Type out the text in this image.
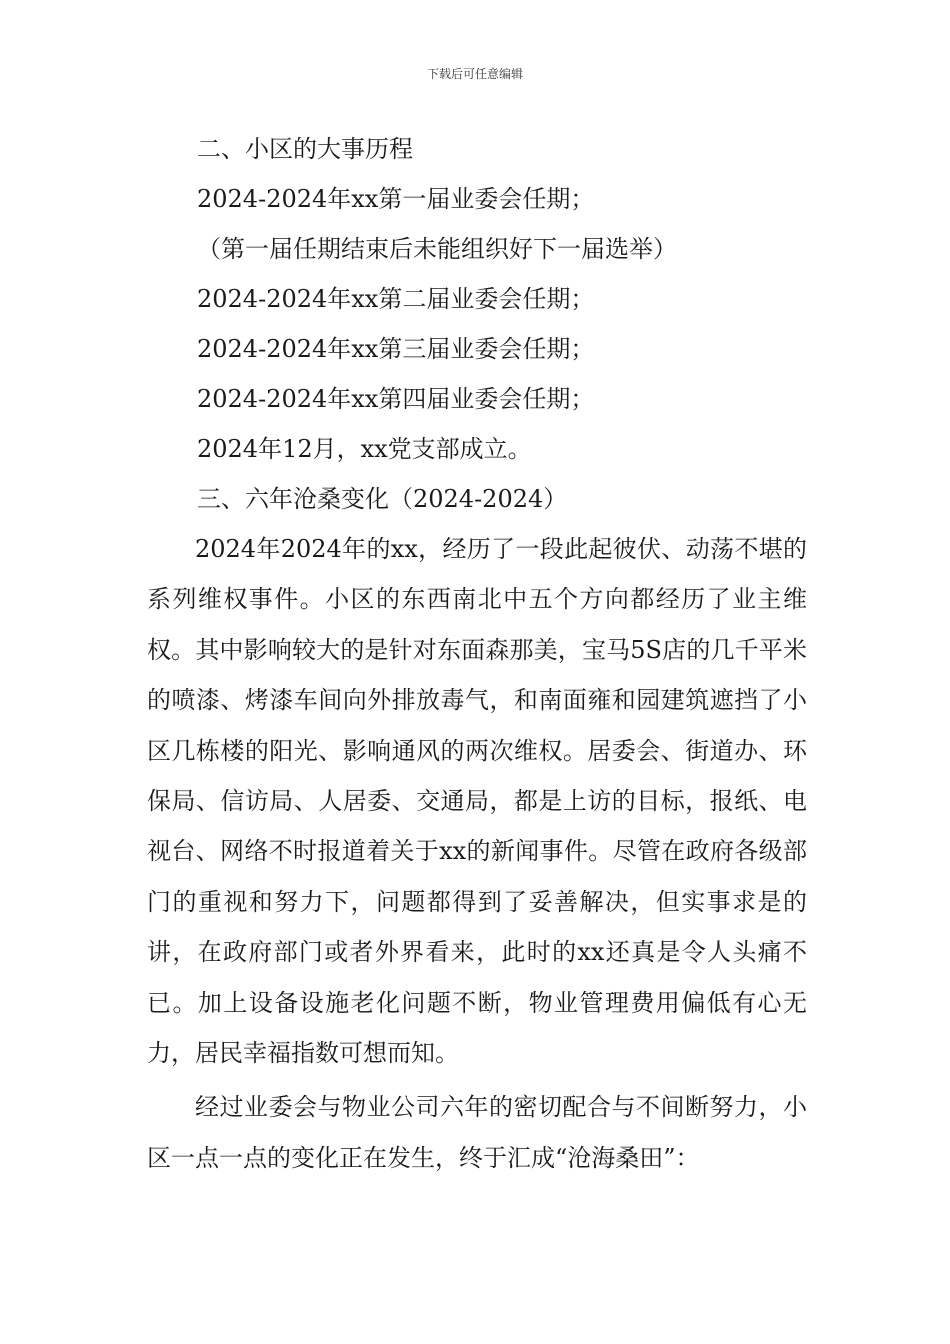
下载后可任意编辑
二、小区的大事历程
2024-2024年xx第一届业委会任期；
（第一届任期结束后未能组织好下一届选举）
2024-2024年xx第二届业委会任期；
2024-2024年xx第三届业委会任期；
2024-2024年xx第四届业委会任期；
2024年12月，xx党支部成立。
三、六年沧桑变化（2024-2024）
2024年2024年的xx，经历了一段此起彼伏、动荡不堪的系列维权事件。小区的东西南北中五个方向都经历了业主维权。其中影响较大的是针对东面森那美，宝马5S店的几千平米的喷漆、烤漆车间向外排放毒气，和南面雍和园建筑遮挡了小区几栋楼的阳光、影响通风的两次维权。居委会、街道办、环保局、信访局、人居委、交通局，都是上访的目标，报纸、电视台、网络不时报道着关于xx的新闻事件。尽管在政府各级部门的重视和努力下，问题都得到了妥善解决，但实事求是的讲，在政府部门或者外界看来，此时的xx还真是令人头痛不已。加上设备设施老化问题不断，物业管理费用偏低有心无力，居民幸福指数可想而知。
经过业委会与物业公司六年的密切配合与不间断努力，小区一点一点的变化正在发生，终于汇成“沧海桑田”：
